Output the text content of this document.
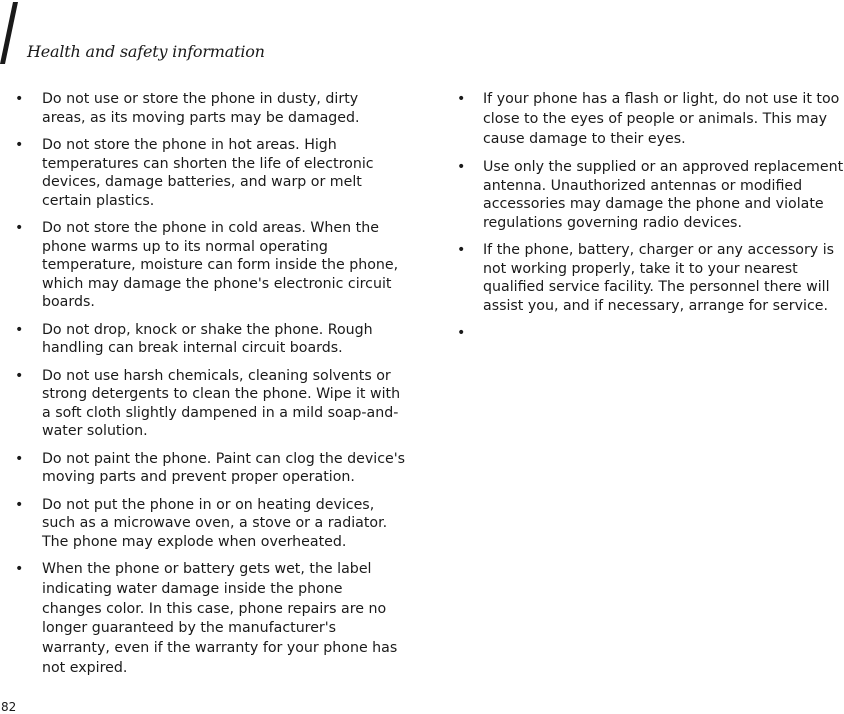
Health and safety information
• Do not use or store the phone in dusty, dirty areas, as its moving parts may be damaged.
• Do not store the phone in hot areas. High temperatures can shorten the life of electronic devices, damage batteries, and warp or melt certain plastics.
• Do not store the phone in cold areas. When the phone warms up to its normal operating temperature, moisture can form inside the phone, which may damage the phone's electronic circuit boards.
• Do not drop, knock or shake the phone. Rough handling can break internal circuit boards.
• Do not use harsh chemicals, cleaning solvents or strong detergents to clean the phone. Wipe it with a soft cloth slightly dampened in a mild soap-and-water solution.
• Do not paint the phone. Paint can clog the device's moving parts and prevent proper operation.
• Do not put the phone in or on heating devices, such as a microwave oven, a stove or a radiator. The phone may explode when overheated.
• When the phone or battery gets wet, the label indicating water damage inside the phone changes color. In this case, phone repairs are no longer guaranteed by the manufacturer's warranty, even if the warranty for your phone has not expired.
• If your phone has a flash or light, do not use it too close to the eyes of people or animals. This may cause damage to their eyes.
• Use only the supplied or an approved replacement antenna. Unauthorized antennas or modified accessories may damage the phone and violate regulations governing radio devices.
• If the phone, battery, charger or any accessory is not working properly, take it to your nearest qualified service facility. The personnel there will assist you, and if necessary, arrange for service.
•
82
